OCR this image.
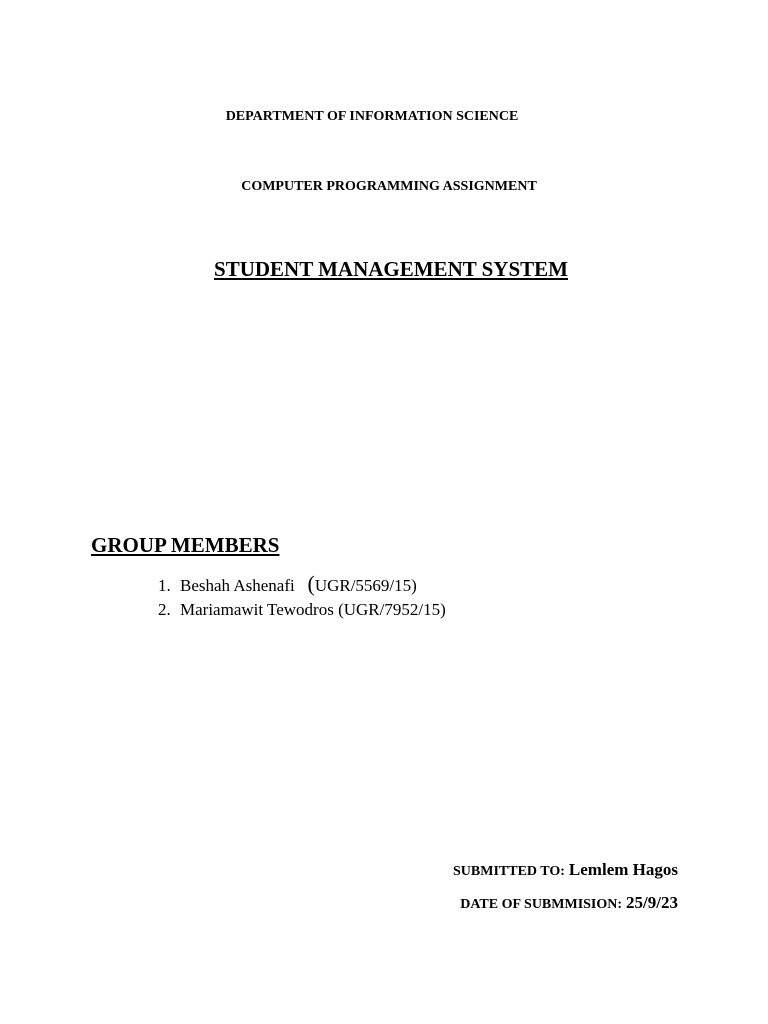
DEPARTMENT OF INFORMATION SCIENCE
COMPUTER PROGRAMMING ASSIGNMENT
STUDENT MANAGEMENT SYSTEM
GROUP MEMBERS
1. Beshah Ashenafi (UGR/5569/15)
2. Mariamawit Tewodros (UGR/7952/15)
SUBMITTED TO: Lemlem Hagos
DATE OF SUBMMISION: 25/9/23
